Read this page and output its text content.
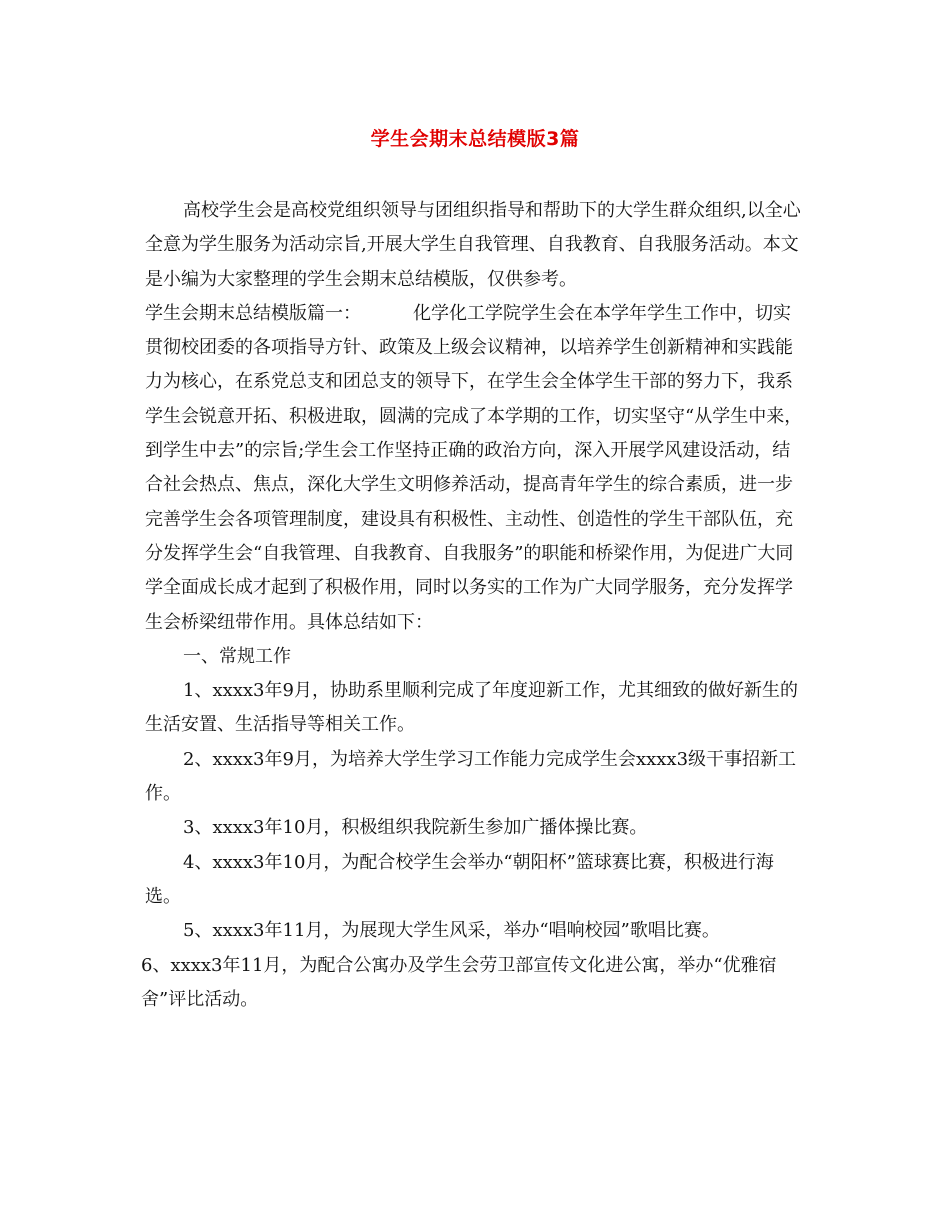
学生会期末总结模版3篇

高校学生会是高校党组织领导与团组织指导和帮助下的大学生群众组织,以全心全意为学生服务为活动宗旨,开展大学生自我管理、自我教育、自我服务活动。本文是小编为大家整理的学生会期末总结模版，仅供参考。

学生会期末总结模版篇一：	化学化工学院学生会在本学年学生工作中，切实贯彻校团委的各项指导方针、政策及上级会议精神，以培养学生创新精神和实践能力为核心，在系党总支和团总支的领导下，在学生会全体学生干部的努力下，我系学生会锐意开拓、积极进取，圆满的完成了本学期的工作，切实坚守“从学生中来，到学生中去”的宗旨;学生会工作坚持正确的政治方向，深入开展学风建设活动，结合社会热点、焦点，深化大学生文明修养活动，提高青年学生的综合素质，进一步完善学生会各项管理制度，建设具有积极性、主动性、创造性的学生干部队伍，充分发挥学生会“自我管理、自我教育、自我服务”的职能和桥梁作用，为促进广大同学全面成长成才起到了积极作用，同时以务实的工作为广大同学服务，充分发挥学生会桥梁纽带作用。具体总结如下：

一、常规工作

1、xxxx3年9月，协助系里顺利完成了年度迎新工作，尤其细致的做好新生的生活安置、生活指导等相关工作。

2、xxxx3年9月，为培养大学生学习工作能力完成学生会xxxx3级干事招新工作。

3、xxxx3年10月，积极组织我院新生参加广播体操比赛。

4、xxxx3年10月，为配合校学生会举办“朝阳杯”篮球赛比赛，积极进行海选。

5、xxxx3年11月，为展现大学生风采，举办“唱响校园”歌唱比赛。

6、xxxx3年11月，为配合公寓办及学生会劳卫部宣传文化进公寓，举办“优雅宿舍”评比活动。
